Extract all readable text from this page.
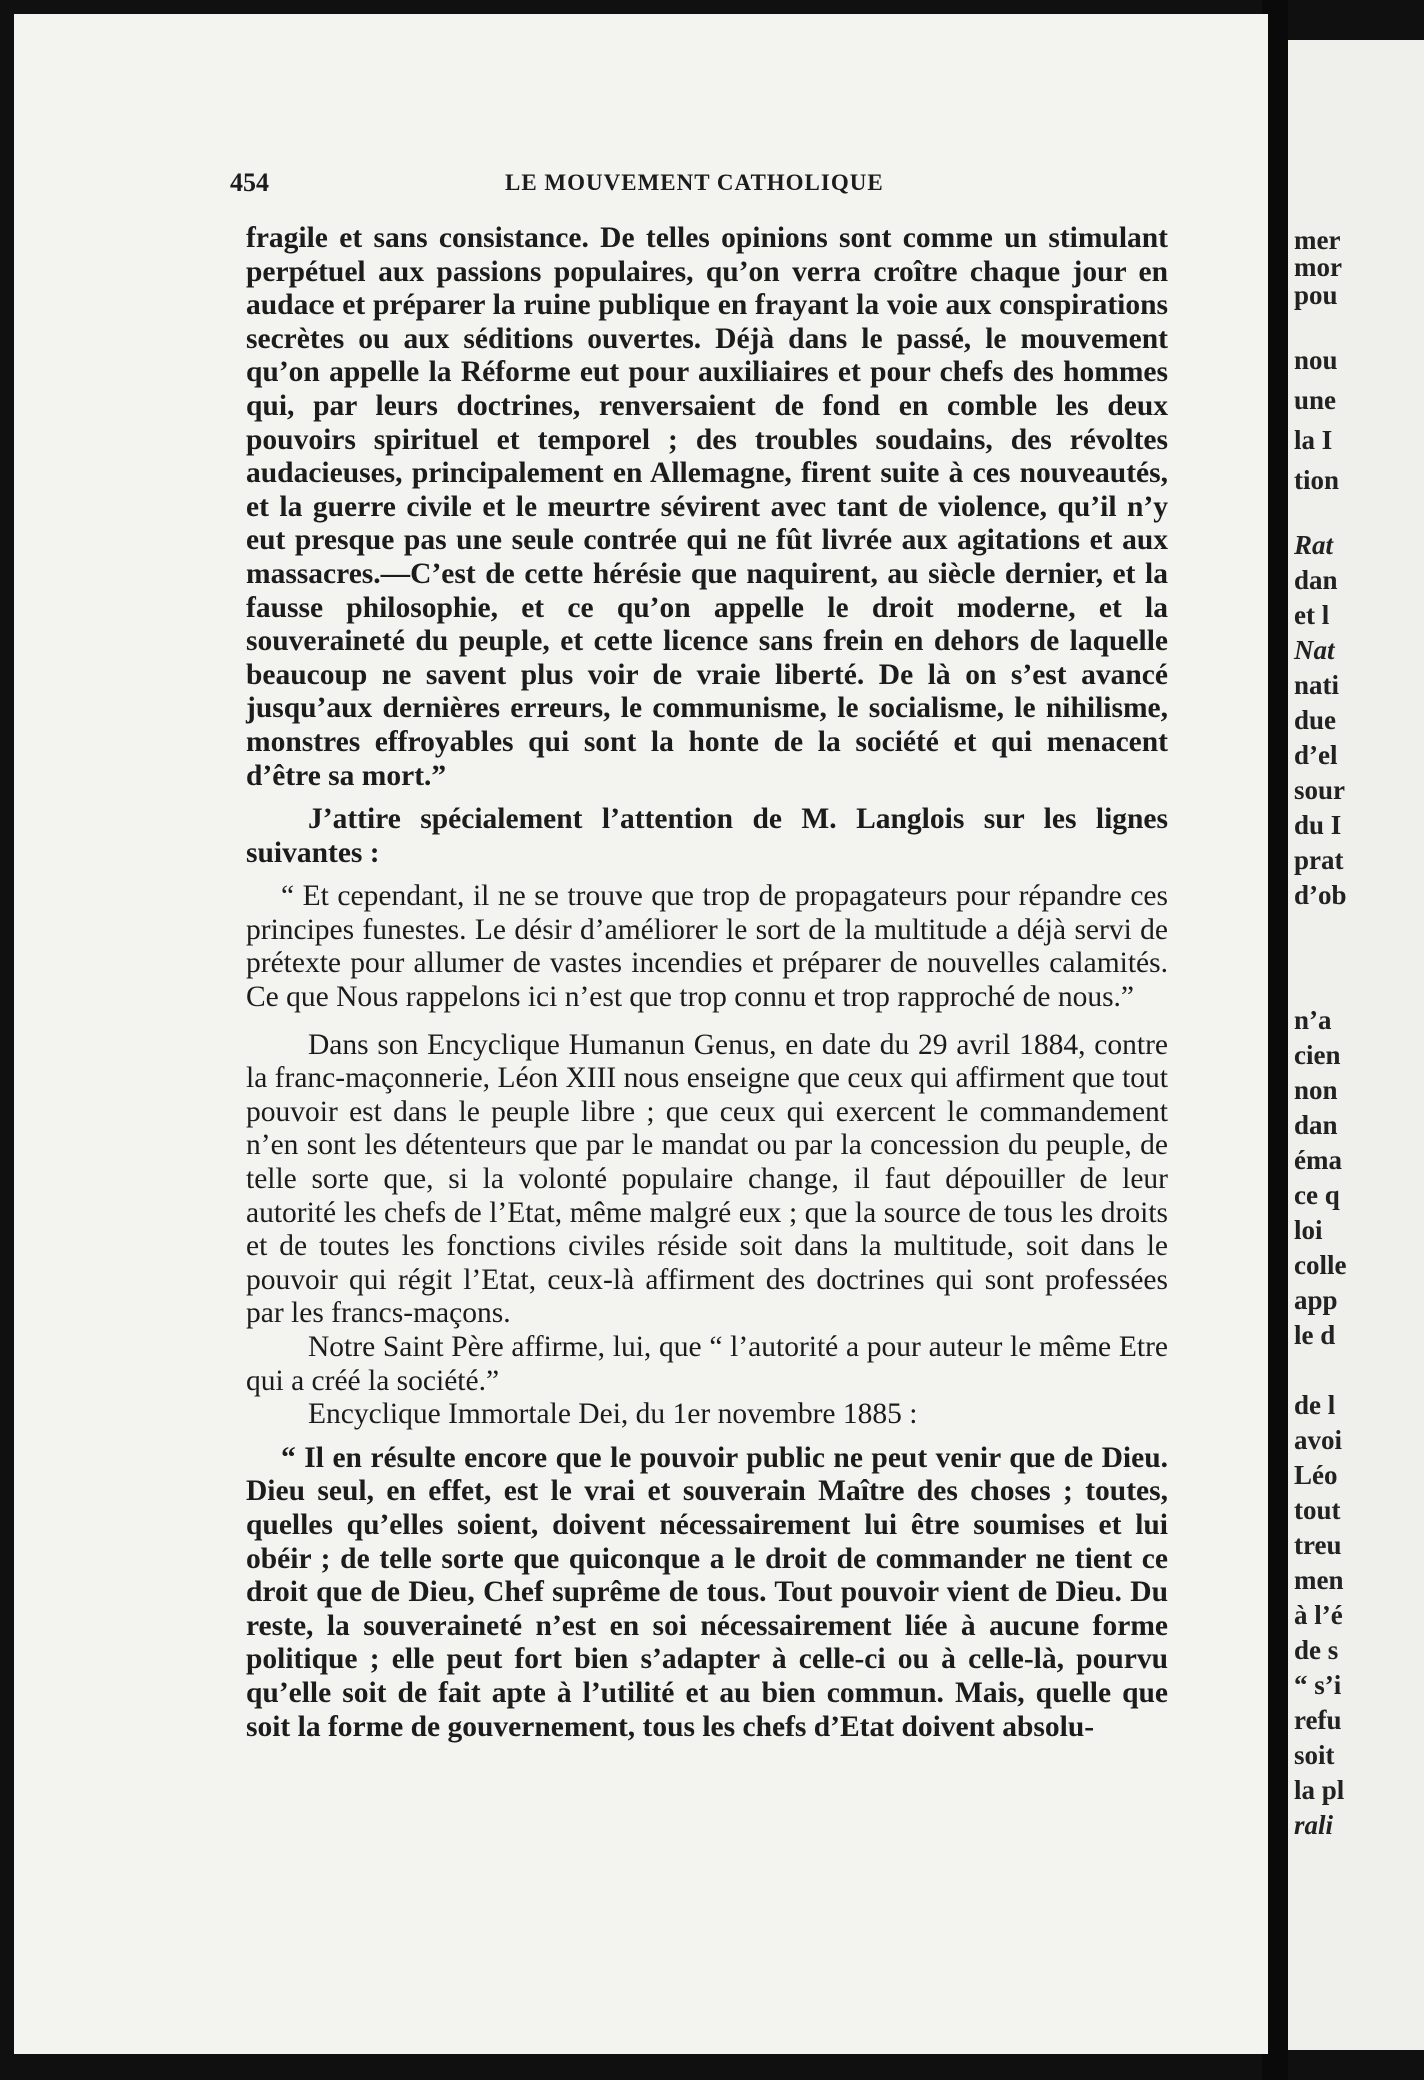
454	LE MOUVEMENT CATHOLIQUE

fragile et sans consistance. De telles opinions sont comme un stimulant perpétuel aux passions populaires, qu’on verra croître chaque jour en audace et préparer la ruine publique en frayant la voie aux conspirations secrètes ou aux séditions ouvertes. Déjà dans le passé, le mouvement qu’on appelle la Réforme eut pour auxiliaires et pour chefs des hommes qui, par leurs doctrines, renversaient de fond en comble les deux pouvoirs spirituel et temporel ; des troubles soudains, des révoltes audacieuses, principalement en Allemagne, firent suite à ces nouveautés, et la guerre civile et le meurtre sévirent avec tant de violence, qu’il n’y eut presque pas une seule contrée qui ne fût livrée aux agitations et aux massacres.—C’est de cette hérésie que naquirent, au siècle dernier, et la fausse philosophie, et ce qu’on appelle le droit moderne, et la souveraineté du peuple, et cette licence sans frein en dehors de laquelle beaucoup ne savent plus voir de vraie liberté. De là on s’est avancé jusqu’aux dernières erreurs, le communisme, le socialisme, le nihilisme, monstres effroyables qui sont la honte de la société et qui menacent d’être sa mort.”

J’attire spécialement l’attention de M. Langlois sur les lignes suivantes :

“ Et cependant, il ne se trouve que trop de propagateurs pour répandre ces principes funestes. Le désir d’améliorer le sort de la multitude a déjà servi de prétexte pour allumer de vastes incendies et préparer de nouvelles calamités. Ce que Nous rappelons ici n’est que trop connu et trop rapproché de nous.”

Dans son Encyclique Humanun Genus, en date du 29 avril 1884, contre la franc-maçonnerie, Léon XIII nous enseigne que ceux qui affirment que tout pouvoir est dans le peuple libre ; que ceux qui exercent le commandement n’en sont les détenteurs que par le mandat ou par la concession du peuple, de telle sorte que, si la volonté populaire change, il faut dépouiller de leur autorité les chefs de l’Etat, même malgré eux ; que la source de tous les droits et de toutes les fonctions civiles réside soit dans la multitude, soit dans le pouvoir qui régit l’Etat, ceux-là affirment des doctrines qui sont professées par les francs-maçons.

Notre Saint Père affirme, lui, que “ l’autorité a pour auteur le même Etre qui a créé la société.”

Encyclique Immortale Dei, du 1er novembre 1885 :

“ Il en résulte encore que le pouvoir public ne peut venir que de Dieu. Dieu seul, en effet, est le vrai et souverain Maître des choses ; toutes, quelles qu’elles soient, doivent nécessairement lui être soumises et lui obéir ; de telle sorte que quiconque a le droit de commander ne tient ce droit que de Dieu, Chef suprême de tous. Tout pouvoir vient de Dieu. Du reste, la souveraineté n’est en soi nécessairement liée à aucune forme politique ; elle peut fort bien s’adapter à celle-ci ou à celle-là, pourvu qu’elle soit de fait apte à l’utilité et au bien commun. Mais, quelle que soit la forme de gouvernement, tous les chefs d’Etat doivent absolu-

mer
mor
pou
nou
une
la I
tion
Rat
dan
et l
Nat
nati
due
d’el
sour
du I
prat
d’ob
n’a
cien
non
dan
éma
ce q
loi
colle
app
le d
de l
avoi
Léo
tout
treu
men
à l’é
de s
“ s’i
refu
soit
la pl
rali
